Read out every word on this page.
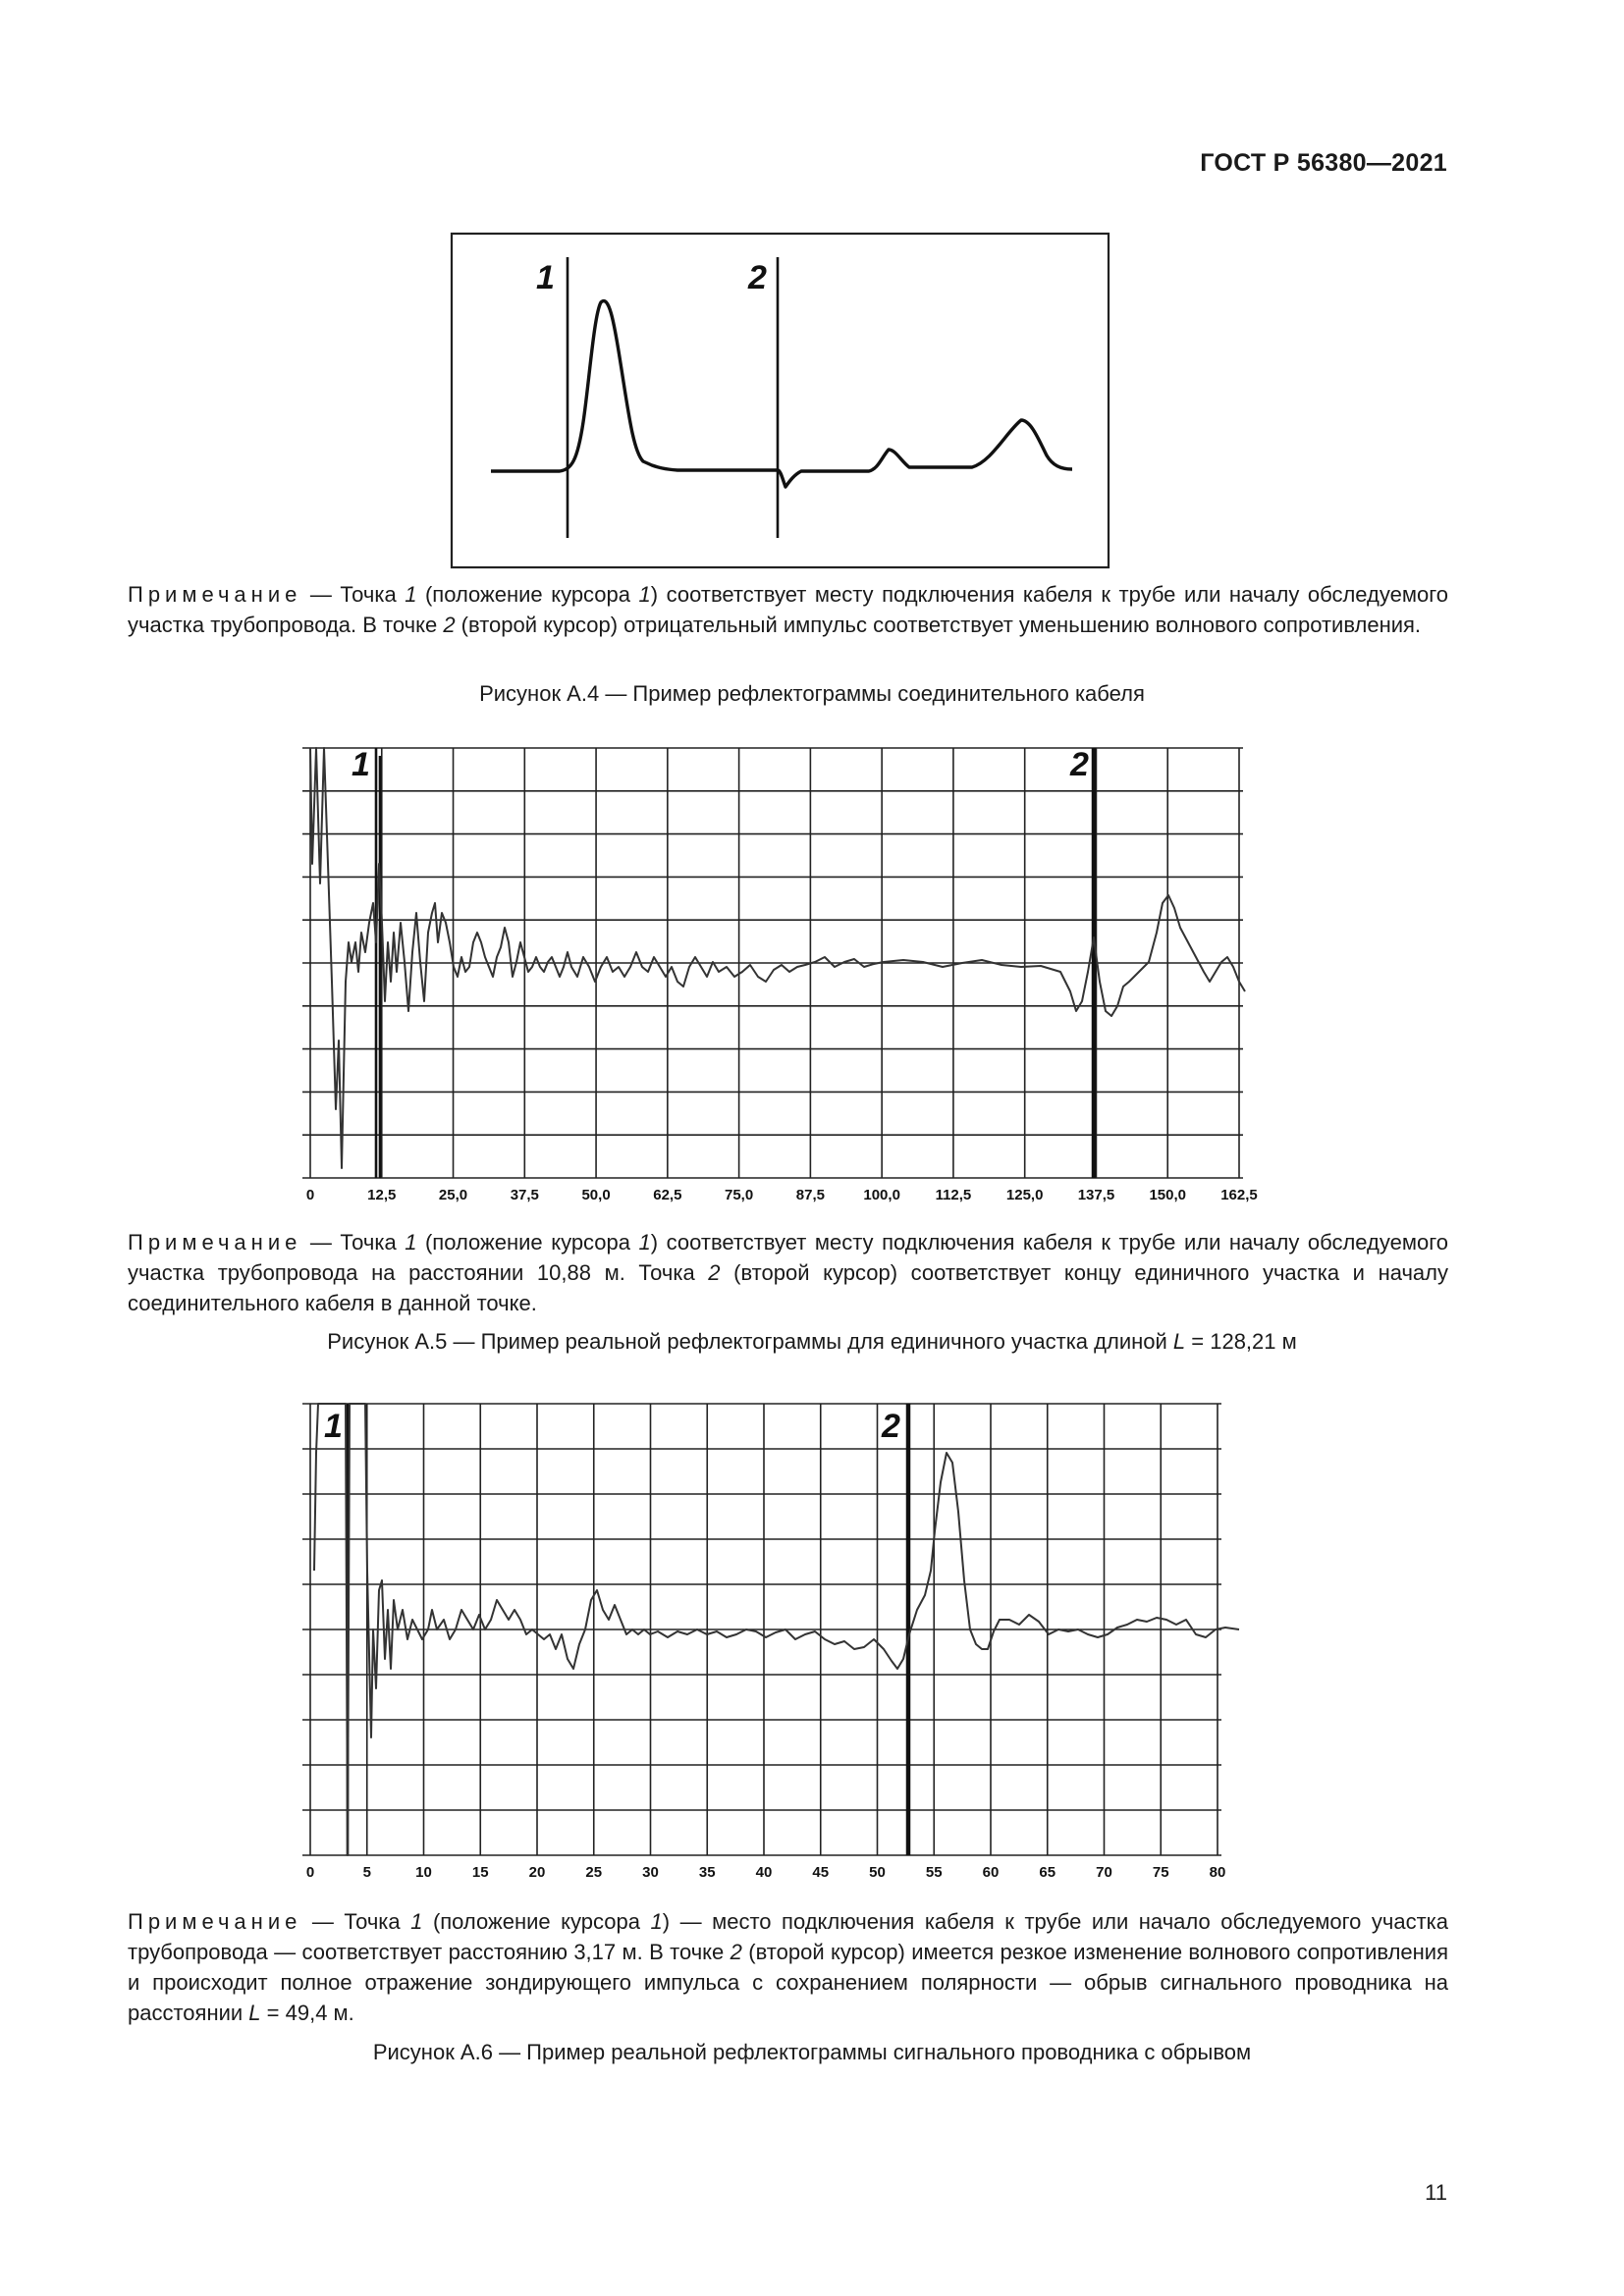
ГОСТ Р 56380—2021
1	2
Примечание — Точка 1 (положение курсора 1) соответствует месту подключения кабеля к трубе или началу обследуемого участка трубопровода. В точке 2 (второй курсор) отрицательный импульс соответствует уменьшению волнового сопротивления.
Рисунок А.4 — Пример рефлектограммы соединительного кабеля
1	2
0	12,5	25,0	37,5	50,0	62,5	75,0	87,5	100,0 112,5 125,0 137,5 150,0 162,5
Примечание — Точка 1 (положение курсора 1) соответствует месту подключения кабеля к трубе или началу обследуемого участка трубопровода на расстоянии 10,88 м. Точка 2 (второй курсор) соответствует концу единичного участка и началу соединительного кабеля в данной точке.
Рисунок А.5 — Пример реальной рефлектограммы для единичного участка длиной L = 128,21 м
1	2
0	5	10	15	20	25	30	35	40	45	50	55	60	65	70	75	80
Примечание — Точка 1 (положение курсора 1) — место подключения кабеля к трубе или начало обследуемого участка трубопровода — соответствует расстоянию 3,17 м. В точке 2 (второй курсор) имеется резкое изменение волнового сопротивления и происходит полное отражение зондирующего импульса с сохранением полярности — обрыв сигнального проводника на расстоянии L = 49,4 м.
Рисунок А.6 — Пример реальной рефлектограммы сигнального проводника с обрывом
11
